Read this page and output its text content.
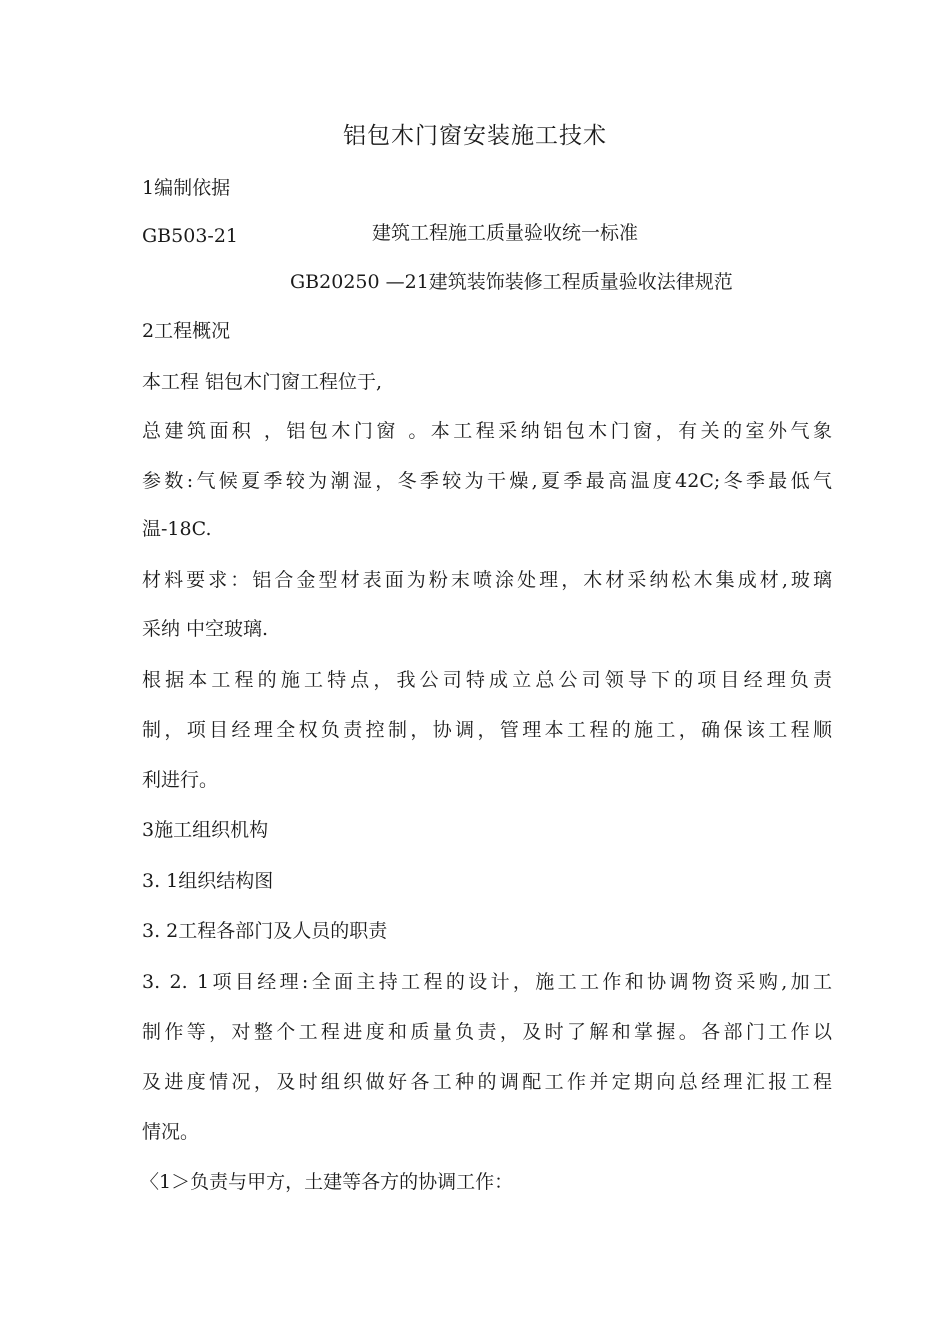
铝包木门窗安装施工技术
1编制依据
GB503-21	建筑工程施工质量验收统一标准
GB20250 —21建筑装饰装修工程质量验收法律规范
2工程概况
本工程 铝包木门窗工程位于,
总建筑面积 ，铝包木门窗 。本工程采纳铝包木门窗，有关的室外气象
参数:气候夏季较为潮湿，冬季较为干燥,夏季最高温度42C;冬季最低气
温-18C.
材料要求：铝合金型材表面为粉末喷涂处理，木材采纳松木集成材,玻璃
采纳 中空玻璃.
根据本工程的施工特点，我公司特成立总公司领导下的项目经理负责
制，项目经理全权负责控制，协调，管理本工程的施工，确保该工程顺
利进行。
3施工组织机构
3. 1组织结构图
3. 2工程各部门及人员的职责
3. 2. 1项目经理:全面主持工程的设计，施工工作和协调物资采购,加工
制作等，对整个工程进度和质量负责，及时了解和掌握。各部门工作以
及进度情况，及时组织做好各工种的调配工作并定期向总经理汇报工程
情况。
〈1＞负责与甲方，土建等各方的协调工作：
